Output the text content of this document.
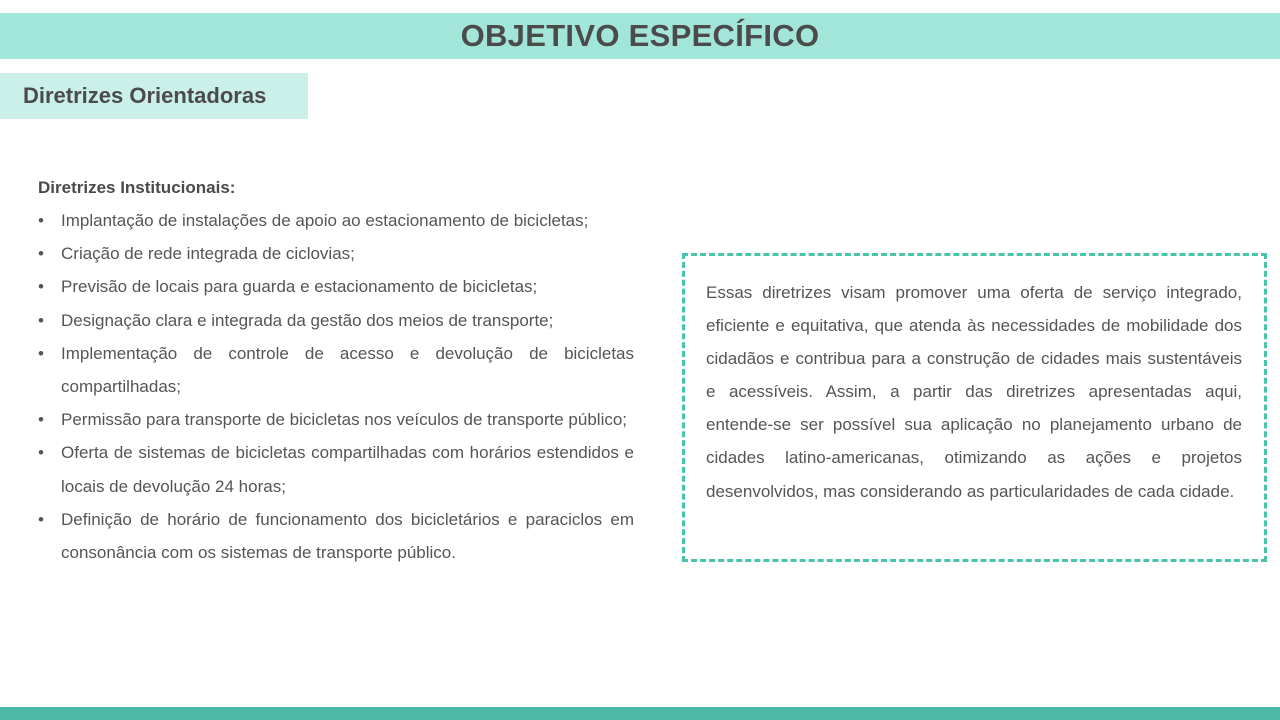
OBJETIVO ESPECÍFICO
Diretrizes Orientadoras
Diretrizes Institucionais:
• Implantação de instalações de apoio ao estacionamento de bicicletas;
• Criação de rede integrada de ciclovias;
• Previsão de locais para guarda e estacionamento de bicicletas;
• Designação clara e integrada da gestão dos meios de transporte;
• Implementação de controle de acesso e devolução de bicicletas compartilhadas;
• Permissão para transporte de bicicletas nos veículos de transporte público;
• Oferta de sistemas de bicicletas compartilhadas com horários estendidos e locais de devolução 24 horas;
• Definição de horário de funcionamento dos bicicletários e paraciclos em consonância com os sistemas de transporte público.

Essas diretrizes visam promover uma oferta de serviço integrado, eficiente e equitativa, que atenda às necessidades de mobilidade dos cidadãos e contribua para a construção de cidades mais sustentáveis e acessíveis. Assim, a partir das diretrizes apresentadas aqui, entende-se ser possível sua aplicação no planejamento urbano de cidades latino-americanas, otimizando as ações e projetos desenvolvidos, mas considerando as particularidades de cada cidade.
